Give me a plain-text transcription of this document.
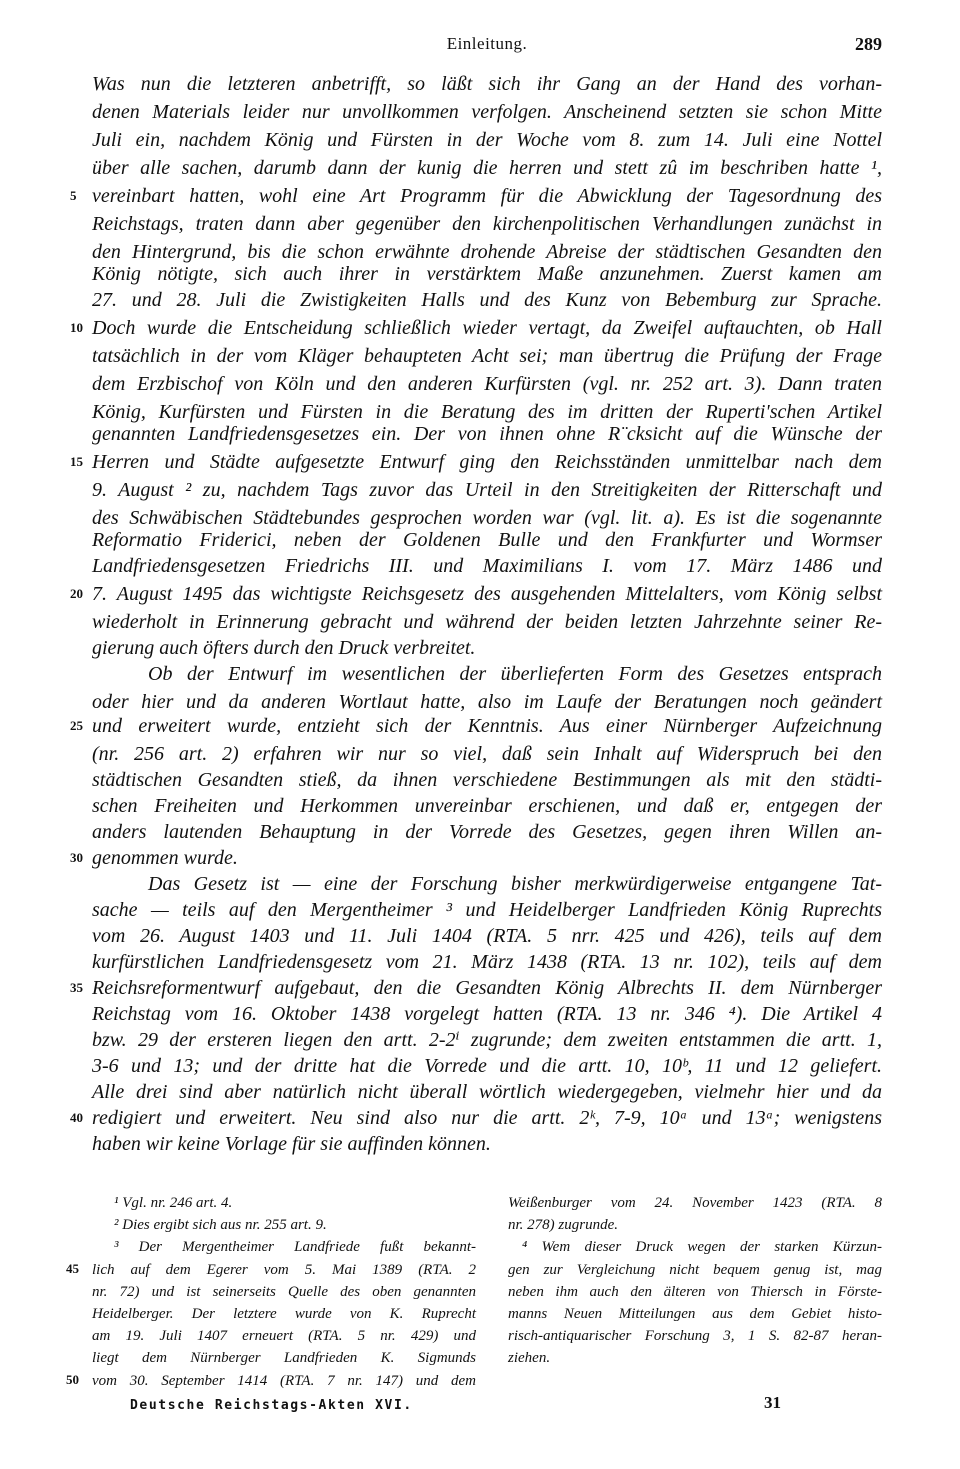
Einleitung.	289
Was nun die letzteren anbetrifft, so läßt sich ihr Gang an der Hand des vorhan-
denen Materials leider nur unvollkommen verfolgen. Anscheinend setzten sie schon Mitte
Juli ein, nachdem König und Fürsten in der Woche vom 8. zum 14. Juli eine Nottel
über alle sachen, darumb dann der kunig die herren und stett zû im beschriben hatte ¹,
vereinbart hatten, wohl eine Art Programm für die Abwicklung der Tagesordnung des
Reichstags, traten dann aber gegenüber den kirchenpolitischen Verhandlungen zunächst in
den Hintergrund, bis die schon erwähnte drohende Abreise der städtischen Gesandten den
König nötigte, sich auch ihrer in verstärktem Maße anzunehmen. Zuerst kamen am
27. und 28. Juli die Zwistigkeiten Halls und des Kunz von Bebemburg zur Sprache.
Doch wurde die Entscheidung schließlich wieder vertagt, da Zweifel auftauchten, ob Hall
tatsächlich in der vom Kläger behaupteten Acht sei; man übertrug die Prüfung der Frage
dem Erzbischof von Köln und den anderen Kurfürsten (vgl. nr. 252 art. 3). Dann traten
König, Kurfürsten und Fürsten in die Beratung des im dritten der Ruperti'schen Artikel
genannten Landfriedensgesetzes ein. Der von ihnen ohne R¨cksicht auf die Wünsche der
Herren und Städte aufgesetzte Entwurf ging den Reichsständen unmittelbar nach dem
9. August ² zu, nachdem Tags zuvor das Urteil in den Streitigkeiten der Ritterschaft und
des Schwäbischen Städtebundes gesprochen worden war (vgl. lit. a). Es ist die sogenannte
Reformatio Friderici, neben der Goldenen Bulle und den Frankfurter und Wormser
Landfriedensgesetzen Friedrichs III. und Maximilians I. vom 17. März 1486 und
7. August 1495 das wichtigste Reichsgesetz des ausgehenden Mittelalters, vom König selbst
wiederholt in Erinnerung gebracht und während der beiden letzten Jahrzehnte seiner Re-
gierung auch öfters durch den Druck verbreitet.
Ob der Entwurf im wesentlichen der überlieferten Form des Gesetzes entsprach
oder hier und da anderen Wortlaut hatte, also im Laufe der Beratungen noch geändert
und erweitert wurde, entzieht sich der Kenntnis. Aus einer Nürnberger Aufzeichnung
(nr. 256 art. 2) erfahren wir nur so viel, daß sein Inhalt auf Widerspruch bei den
städtischen Gesandten stieß, da ihnen verschiedene Bestimmungen als mit den städti-
schen Freiheiten und Herkommen unvereinbar erschienen, und daß er, entgegen der
anders lautenden Behauptung in der Vorrede des Gesetzes, gegen ihren Willen an-
genommen wurde.
Das Gesetz ist — eine der Forschung bisher merkwürdigerweise entgangene Tat-
sache — teils auf den Mergentheimer ³ und Heidelberger Landfrieden König Ruprechts
vom 26. August 1403 und 11. Juli 1404 (RTA. 5 nrr. 425 und 426), teils auf dem
kurfürstlichen Landfriedensgesetz vom 21. März 1438 (RTA. 13 nr. 102), teils auf dem
Reichsreformentwurf aufgebaut, den die Gesandten König Albrechts II. dem Nürnberger
Reichstag vom 16. Oktober 1438 vorgelegt hatten (RTA. 13 nr. 346 ⁴). Die Artikel 4
bzw. 29 der ersteren liegen den artt. 2-2ⁱ zugrunde; dem zweiten entstammen die artt. 1,
3-6 und 13; und der dritte hat die Vorrede und die artt. 10, 10ᵇ, 11 und 12 geliefert.
Alle drei sind aber natürlich nicht überall wörtlich wiedergegeben, vielmehr hier und da
redigiert und erweitert. Neu sind also nur die artt. 2ᵏ, 7-9, 10ᵃ und 13ᵃ; wenigstens
haben wir keine Vorlage für sie auffinden können.
5
10
15
20
25
30
35
40
¹ Vgl. nr. 246 art. 4.
² Dies ergibt sich aus nr. 255 art. 9.
³ Der Mergentheimer Landfriede fußt bekannt-
lich auf dem Egerer vom 5. Mai 1389 (RTA. 2
nr. 72) und ist seinerseits Quelle des oben genannten
Heidelberger. Der letztere wurde von K. Ruprecht
am 19. Juli 1407 erneuert (RTA. 5 nr. 429) und
liegt dem Nürnberger Landfrieden K. Sigmunds
vom 30. September 1414 (RTA. 7 nr. 147) und dem
45
50
Weißenburger vom 24. November 1423 (RTA. 8
nr. 278) zugrunde.
⁴ Wem dieser Druck wegen der starken Kürzun-
gen zur Vergleichung nicht bequem genug ist, mag
neben ihm auch den älteren von Thiersch in Förste-
manns Neuen Mitteilungen aus dem Gebiet histo-
risch-antiquarischer Forschung 3, 1 S. 82-87 heran-
ziehen.
Deutsche Reichstags-Akten XVI.	31
